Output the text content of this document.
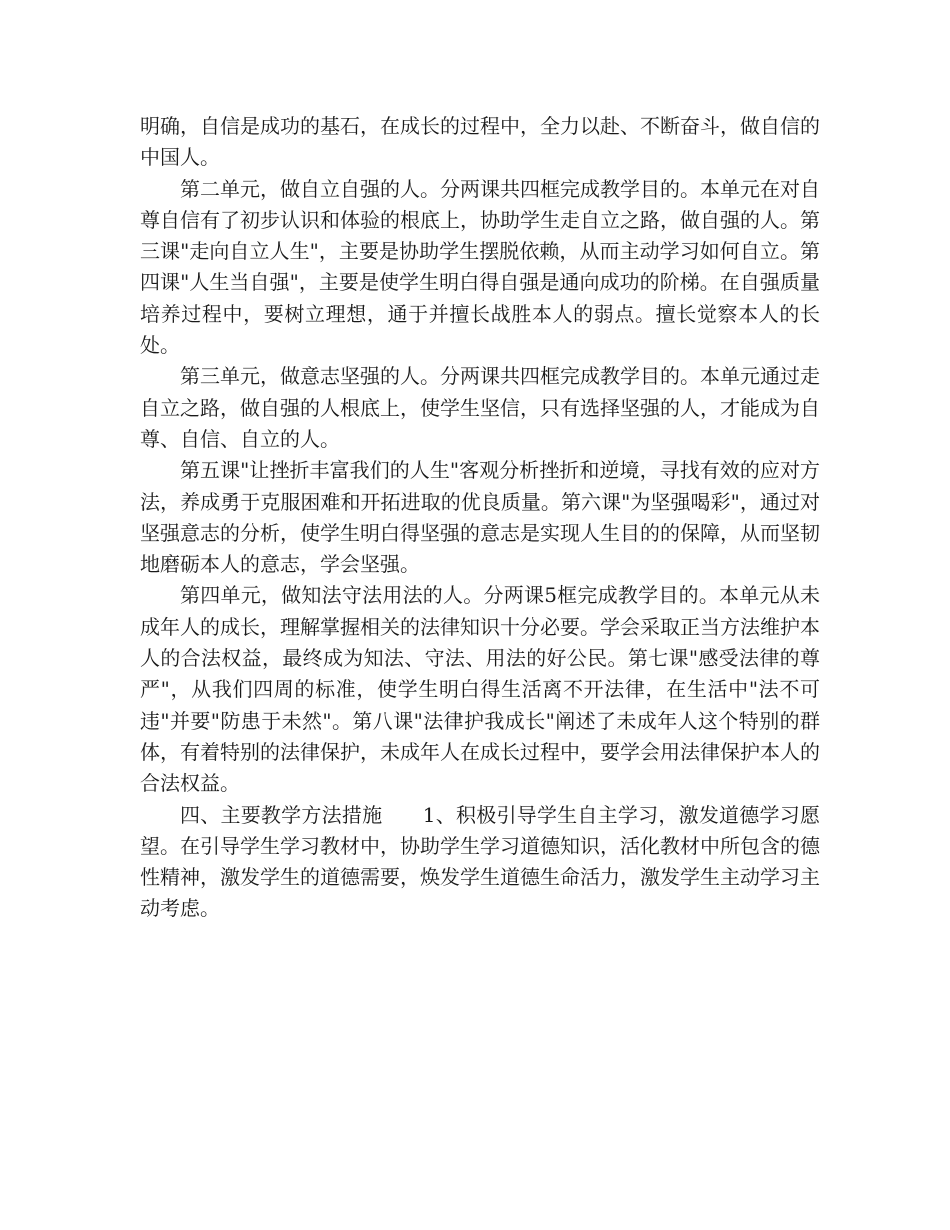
明确，自信是成功的基石，在成长的过程中，全力以赴、不断奋斗，做自信的中国人。

第二单元，做自立自强的人。分两课共四框完成教学目的。本单元在对自尊自信有了初步认识和体验的根底上，协助学生走自立之路，做自强的人。第三课"走向自立人生"，主要是协助学生摆脱依赖，从而主动学习如何自立。第四课"人生当自强"，主要是使学生明白得自强是通向成功的阶梯。在自强质量培养过程中，要树立理想，通于并擅长战胜本人的弱点。擅长觉察本人的长处。

第三单元，做意志坚强的人。分两课共四框完成教学目的。本单元通过走自立之路，做自强的人根底上，使学生坚信，只有选择坚强的人，才能成为自尊、自信、自立的人。

第五课"让挫折丰富我们的人生"客观分析挫折和逆境，寻找有效的应对方法，养成勇于克服困难和开拓进取的优良质量。第六课"为坚强喝彩"，通过对坚强意志的分析，使学生明白得坚强的意志是实现人生目的的保障，从而坚韧地磨砺本人的意志，学会坚强。

第四单元，做知法守法用法的人。分两课5框完成教学目的。本单元从未成年人的成长，理解掌握相关的法律知识十分必要。学会采取正当方法维护本人的合法权益，最终成为知法、守法、用法的好公民。第七课"感受法律的尊严"，从我们四周的标准，使学生明白得生活离不开法律，在生活中"法不可违"并要"防患于未然"。第八课"法律护我成长"阐述了未成年人这个特别的群体，有着特别的法律保护，未成年人在成长过程中，要学会用法律保护本人的合法权益。

四、主要教学方法措施　　1、积极引导学生自主学习，激发道德学习愿望。在引导学生学习教材中，协助学生学习道德知识，活化教材中所包含的德性精神，激发学生的道德需要，焕发学生道德生命活力，激发学生主动学习主动考虑。
